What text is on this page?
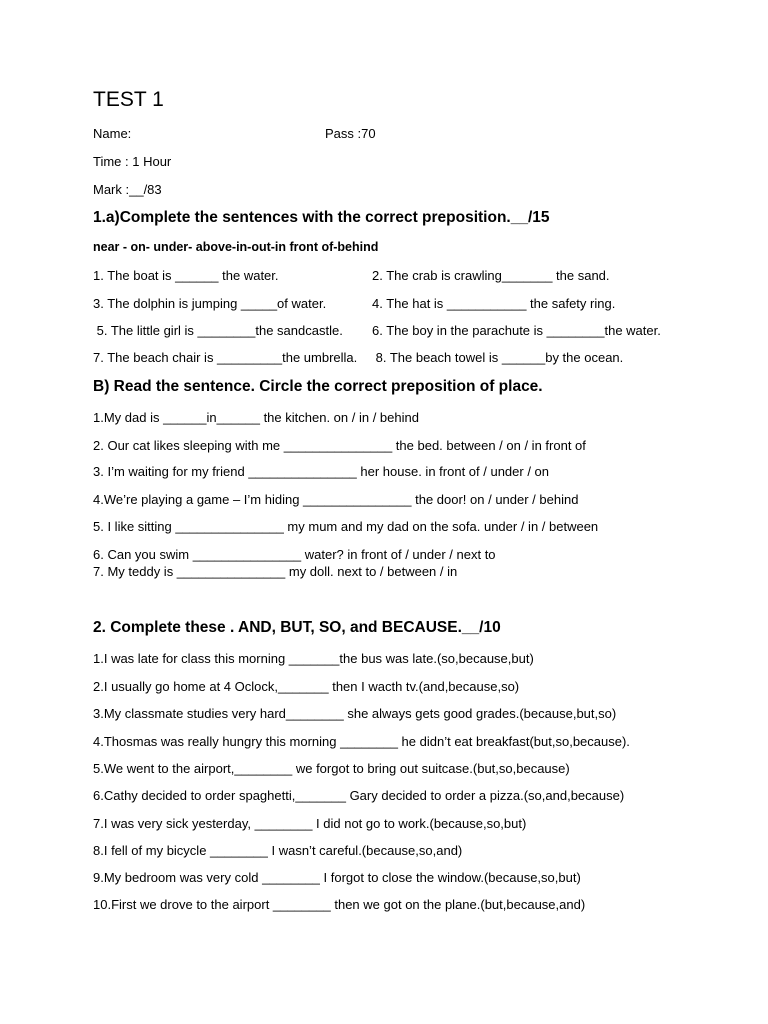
TEST 1
Name:	Pass :70
Time : 1 Hour
Mark :__/83
1.a)Complete the sentences with the correct preposition.__/15
near - on- under- above-in-out-in front of-behind
1. The boat is ______ the water.	2. The crab is crawling_______ the sand.
3. The dolphin is jumping _____of water.	4. The hat is ___________ the safety ring.
5. The little girl is ________the sandcastle. 6. The boy in the parachute is ________the water.
7. The beach chair is _________the umbrella. 8. The beach towel is ______by the ocean.
B) Read the sentence. Circle the correct preposition of place.
1.My dad is ______in______ the kitchen. on / in / behind
2. Our cat likes sleeping with me _______________ the bed. between / on / in front of
3. I’m waiting for my friend _______________ her house. in front of / under / on
4.We’re playing a game – I’m hiding _______________ the door! on / under / behind
5. I like sitting _______________ my mum and my dad on the sofa. under / in / between
6. Can you swim _______________ water? in front of / under / next to
7. My teddy is _______________ my doll. next to / between / in
2. Complete these . AND, BUT, SO, and BECAUSE.__/10
1.I was late for class this morning _______the bus was late.(so,because,but)
2.I usually go home at 4 Oclock,_______ then I wacth tv.(and,because,so)
3.My classmate studies very hard________ she always gets good grades.(because,but,so)
4.Thosmas was really hungry this morning ________ he didn’t eat breakfast(but,so,because).
5.We went to the airport,________ we forgot to bring out suitcase.(but,so,because)
6.Cathy decided to order spaghetti,_______ Gary decided to order a pizza.(so,and,because)
7.I was very sick yesterday, ________ I did not go to work.(because,so,but)
8.I fell of my bicycle ________ I wasn’t careful.(because,so,and)
9.My bedroom was very cold ________ I forgot to close the window.(because,so,but)
10.First we drove to the airport ________ then we got on the plane.(but,because,and)
